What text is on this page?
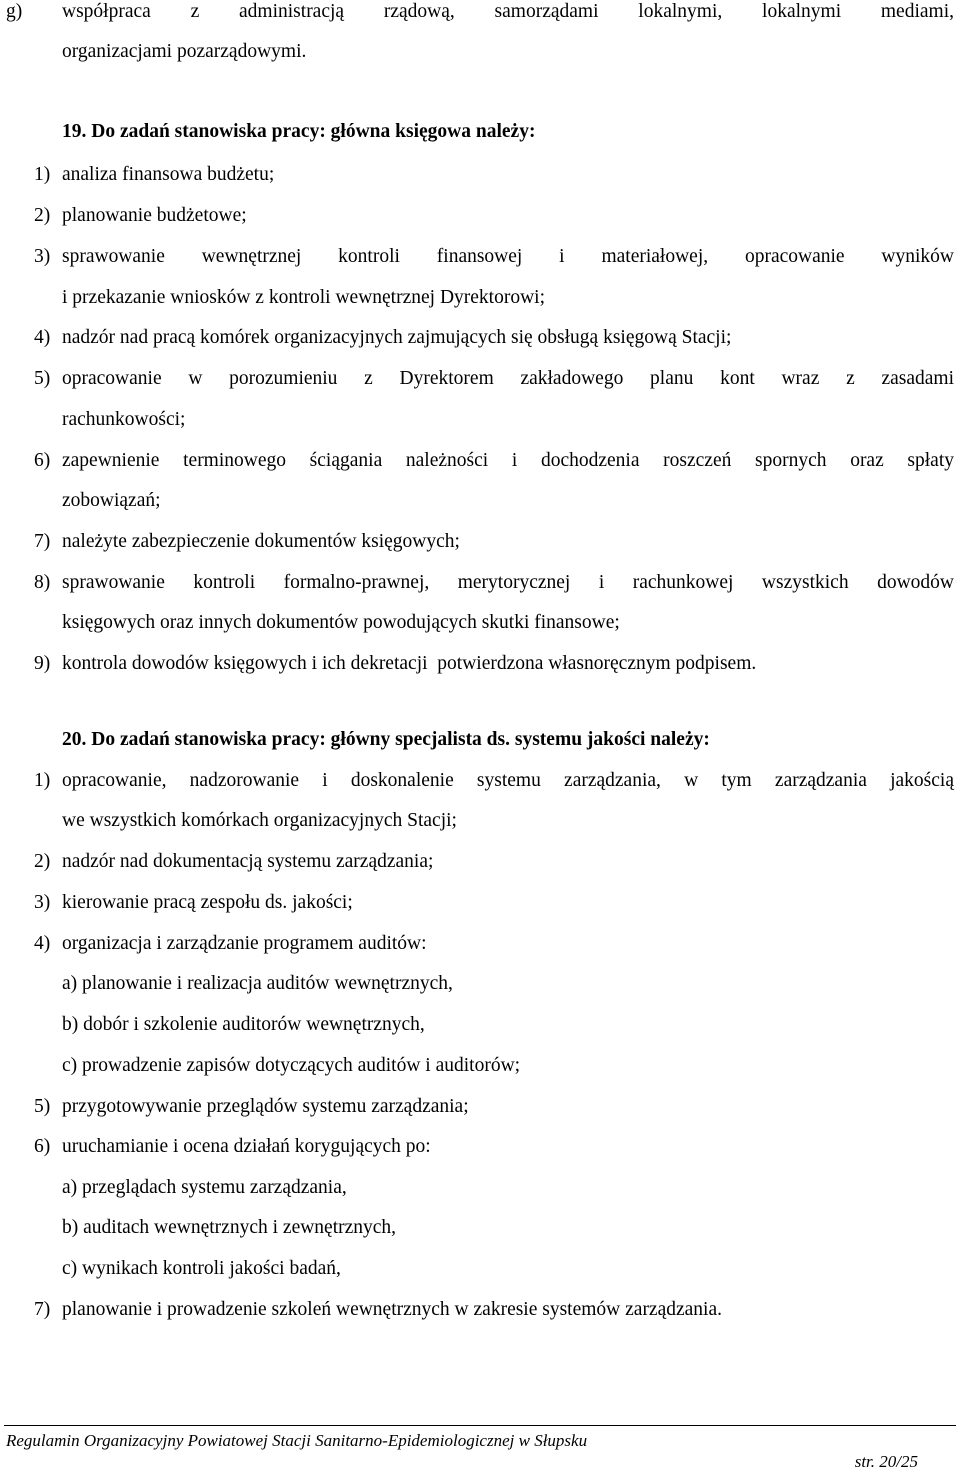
g) współpraca z administracją rządową, samorządami lokalnymi, lokalnymi mediami,
organizacjami pozarządowymi.
19. Do zadań stanowiska pracy: główna księgowa należy:
1) analiza finansowa budżetu;
2) planowanie budżetowe;
3) sprawowanie wewnętrznej kontroli finansowej i materiałowej, opracowanie wyników
i przekazanie wniosków z kontroli wewnętrznej Dyrektorowi;
4) nadzór nad pracą komórek organizacyjnych zajmujących się obsługą księgową Stacji;
5) opracowanie w porozumieniu z Dyrektorem zakładowego planu kont wraz z zasadami
rachunkowości;
6) zapewnienie terminowego ściągania należności i dochodzenia roszczeń spornych oraz spłaty
zobowiązań;
7) należyte zabezpieczenie dokumentów księgowych;
8) sprawowanie kontroli formalno-prawnej, merytorycznej i rachunkowej wszystkich dowodów
księgowych oraz innych dokumentów powodujących skutki finansowe;
9) kontrola dowodów księgowych i ich dekretacji  potwierdzona własnoręcznym podpisem.
20. Do zadań stanowiska pracy: główny specjalista ds. systemu jakości należy:
1) opracowanie, nadzorowanie i doskonalenie systemu zarządzania, w tym zarządzania jakością
we wszystkich komórkach organizacyjnych Stacji;
2) nadzór nad dokumentacją systemu zarządzania;
3) kierowanie pracą zespołu ds. jakości;
4) organizacja i zarządzanie programem auditów:
a) planowanie i realizacja auditów wewnętrznych,
b) dobór i szkolenie auditorów wewnętrznych,
c) prowadzenie zapisów dotyczących auditów i auditorów;
5) przygotowywanie przeglądów systemu zarządzania;
6) uruchamianie i ocena działań korygujących po:
a) przeglądach systemu zarządzania,
b) auditach wewnętrznych i zewnętrznych,
c) wynikach kontroli jakości badań,
7) planowanie i prowadzenie szkoleń wewnętrznych w zakresie systemów zarządzania.
Regulamin Organizacyjny Powiatowej Stacji Sanitarno-Epidemiologicznej w Słupsku
str. 20/25
